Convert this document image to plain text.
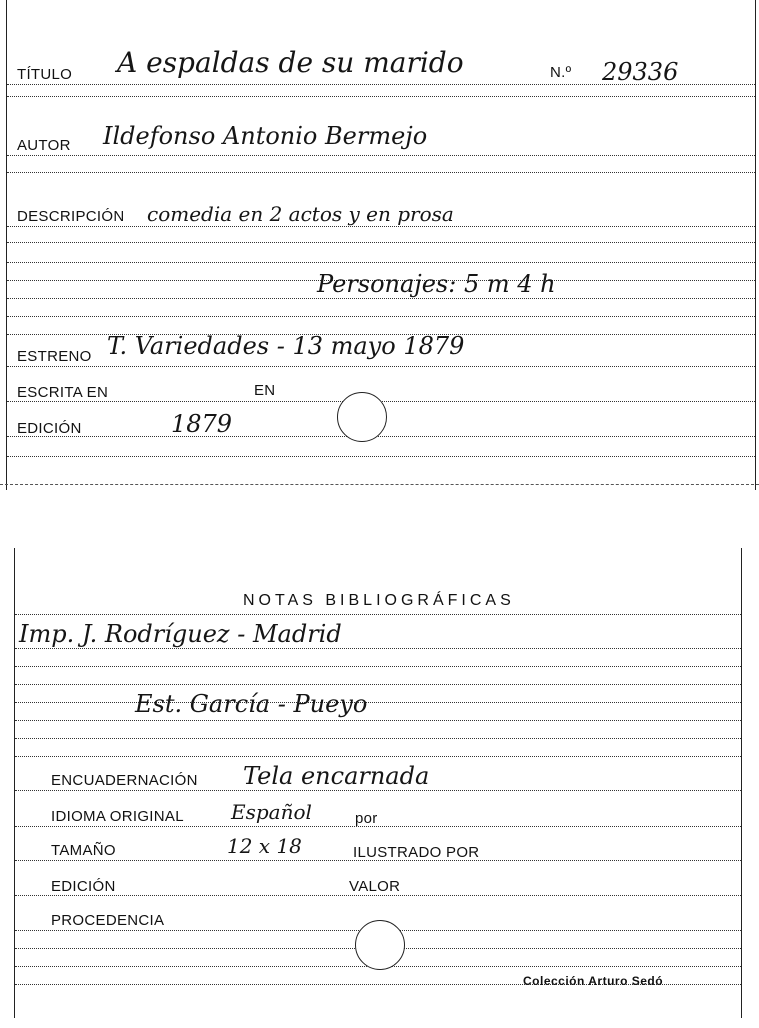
TÍTULO A espaldas de su marido	N.º 29336
AUTOR Ildefonso Antonio Bermejo
DESCRIPCIÓN comedia en 2 actos y en prosa
Personajes: 5 m 4 h
ESTRENO T. Variedades - 13 mayo 1879
ESCRITA EN	EN
EDICIÓN	1879
NOTAS BIBLIOGRÁFICAS
Imp. J. Rodríguez - Madrid
Est. García - Pueyo
ENCUADERNACIÓN Tela encarnada
IDIOMA ORIGINAL Español	por
TAMAÑO	12 x 18	ILUSTRADO POR
EDICIÓN	VALOR
PROCEDENCIA
Colección Arturo Sedó
